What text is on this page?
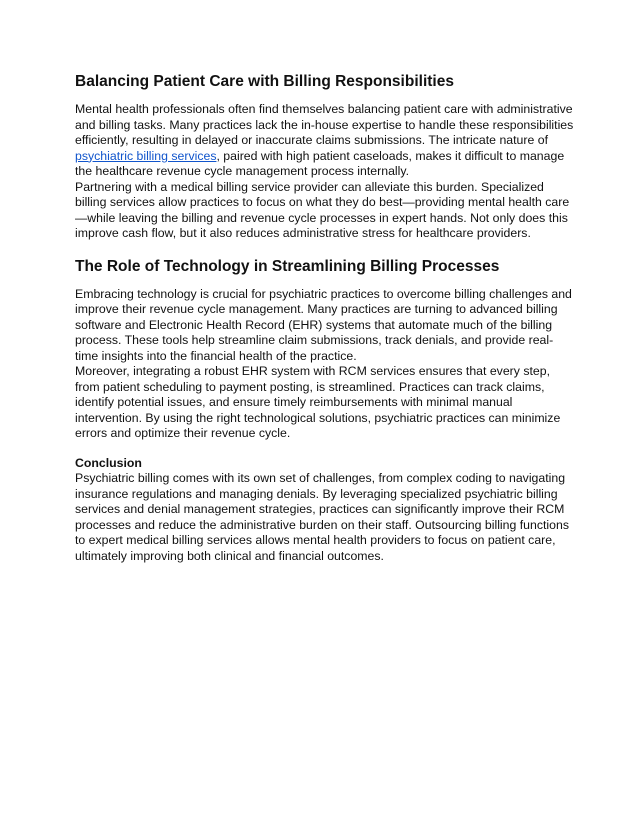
Balancing Patient Care with Billing Responsibilities

Mental health professionals often find themselves balancing patient care with administrative and billing tasks. Many practices lack the in-house expertise to handle these responsibilities efficiently, resulting in delayed or inaccurate claims submissions. The intricate nature of psychiatric billing services, paired with high patient caseloads, makes it difficult to manage the healthcare revenue cycle management process internally.

Partnering with a medical billing service provider can alleviate this burden. Specialized billing services allow practices to focus on what they do best—providing mental health care—while leaving the billing and revenue cycle processes in expert hands. Not only does this improve cash flow, but it also reduces administrative stress for healthcare providers.

The Role of Technology in Streamlining Billing Processes

Embracing technology is crucial for psychiatric practices to overcome billing challenges and improve their revenue cycle management. Many practices are turning to advanced billing software and Electronic Health Record (EHR) systems that automate much of the billing process. These tools help streamline claim submissions, track denials, and provide real-time insights into the financial health of the practice.

Moreover, integrating a robust EHR system with RCM services ensures that every step, from patient scheduling to payment posting, is streamlined. Practices can track claims, identify potential issues, and ensure timely reimbursements with minimal manual intervention. By using the right technological solutions, psychiatric practices can minimize errors and optimize their revenue cycle.

Conclusion

Psychiatric billing comes with its own set of challenges, from complex coding to navigating insurance regulations and managing denials. By leveraging specialized psychiatric billing services and denial management strategies, practices can significantly improve their RCM processes and reduce the administrative burden on their staff. Outsourcing billing functions to expert medical billing services allows mental health providers to focus on patient care, ultimately improving both clinical and financial outcomes.
